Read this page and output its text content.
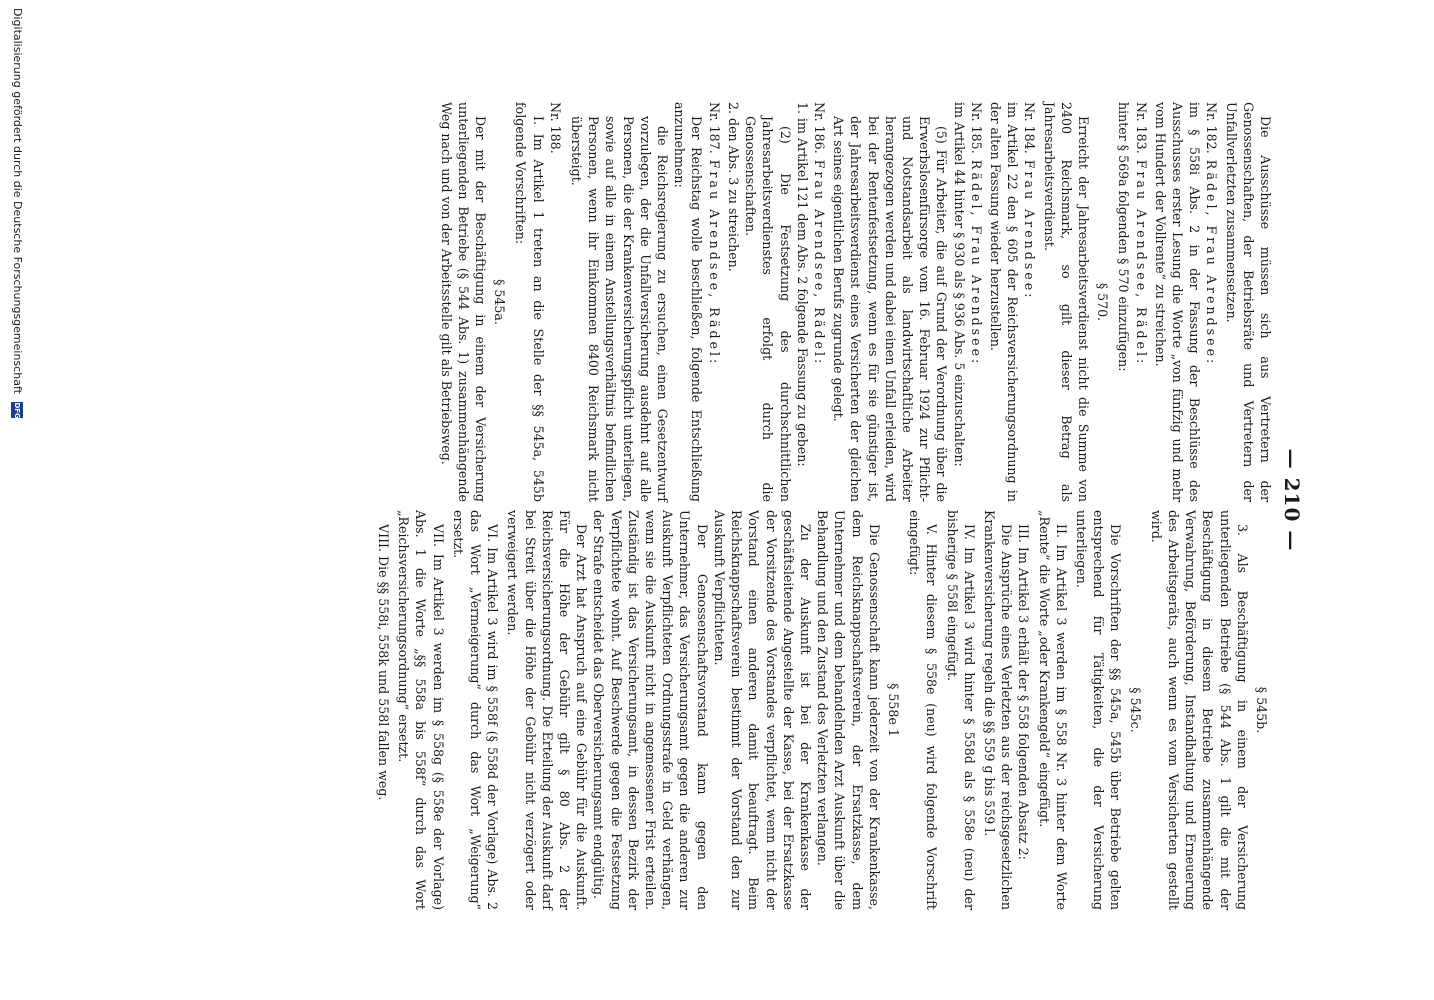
— 210 —

Die Ausschüsse müssen sich aus Vertretern der Genossenschaften, der Betriebsräte und Vertretern der Unfallverletzten zusammensetzen.

Nr. 182.Rädel, Frau Arendsee:

im § 558i Abs. 2 in der Fassung der Beschlüsse des Ausschusses erster Lesung die Worte „von fünfzig und mehr vom Hundert der Vollrente“ zu streichen.

Nr. 183.Frau Arendsee, Rädel:

hinter § 569a folgenden § 570 einzufügen:

§ 570.

Erreicht der Jahresarbeitsverdienst nicht die Summe von 2400 Reichsmark, so gilt dieser Betrag als Jahresarbeitsverdienst.

Nr. 184.Frau Arendsee:

im Artikel 22 den § 605 der Reichsversicherungsordnung in der alten Fassung wieder herzustellen.

Nr. 185.Rädel, Frau Arendsee:

im Artikel 44 hinter § 930 als § 936 Abs. 5 einzuschalten:

(5) Für Arbeiter, die auf Grund der Verordnung über die Erwerbslosenfürsorge vom 16. Februar 1924 zur Pflicht- und Notstandsarbeit als landwirtschaftliche Arbeiter herangezogen werden und dabei einen Unfall erleiden, wird bei der Rentenfestsetzung, wenn es für sie günstiger ist, der Jahresarbeitsverdienst eines Versicherten der gleichen Art seines eigentlichen Berufs zugrunde gelegt.

Nr. 186.Frau Arendsee, Rädel:

1. im Artikel 121 dem Abs. 2 folgende Fassung zu geben:

(2) Die Festsetzung des durchschnittlichen Jahresarbeitsverdienstes erfolgt durch die Genossenschaften.

2. den Abs. 3 zu streichen.

Nr. 187.Frau Arendsee, Rädel:

Der Reichstag wolle beschließen, folgende Entschließung anzunehmen:

die Reichsregierung zu ersuchen, einen Gesetzentwurf vorzulegen, der die Unfallversicherung ausdehnt auf alle Personen, die der Krankenversicherungspflicht unterliegen, sowie auf alle in einem Anstellungsverhältnis befindlichen Personen, wenn ihr Einkommen 8400 Reichsmark nicht übersteigt.

Nr. 188.

I. Im Artikel 1 treten an die Stelle der §§ 545a, 545b folgende Vorschriften:

§ 545a.

Der mit der Beschäftigung in einem der Versicherung unterliegenden Betriebe (§ 544 Abs. 1) zusammenhängende Weg nach und von der Arbeitsstelle gilt als Betriebsweg.

§ 545b.

3. Als Beschäftigung in einem der Versicherung unterliegenden Betriebe (§ 544 Abs. 1 gilt die mit der Beschäftigung in diesem Betriebe zusammenhängende Verwahrung, Beförderung, Instandhaltung und Erneuerung des Arbeitsgeräts, auch wenn es vom Versicherten gestellt wird.

§ 545c.

Die Vorschriften der §§ 545a, 545b über Betriebe gelten entsprechend für Tätigkeiten, die der Versicherung unterliegen.

II. Im Artikel 3 werden im § 558 Nr. 3 hinter dem Worte „Rente“ die Worte „oder Krankengeld“ eingefügt.

III. Im Artikel 3 erhält der § 558 folgenden Absatz 2:

Die Ansprüche eines Verletzten aus der reichsgesetzlichen Krankenversicherung regeln die §§ 559 g bis 559 l.

IV. Im Artikel 3 wird hinter § 558d als § 558e (neu) der bisherige § 558l eingefügt.

V. Hinter diesem § 558e (neu) wird folgende Vorschrift eingefügt:

§ 558e 1

Die Genossenschaft kann jederzeit von der Krankenkasse, dem Reichsknappschaftsverein, der Ersatzkasse, dem Unternehmer und dem behandelnden Arzt Auskunft über die Behandlung und den Zustand des Verletzten verlangen.

Zu der Auskunft ist bei der Krankenkasse der geschäftsleitende Angestellte der Kasse, bei der Ersatzkasse der Vorsitzende des Vorstandes verpflichtet, wenn nicht der Vorstand einen anderen damit beauftragt. Beim Reichsknappschaftsverein bestimmt der Vorstand den zur Auskunft Verpflichteten.

Der Genossenschaftsvorstand kann gegen den Unternehmer, das Versicherungsamt gegen die anderen zur Auskunft Verpflichteten Ordnungsstrafe in Geld verhängen, wenn sie die Auskunft nicht in angemessener Frist erteilen. Zuständig ist das Versicherungsamt, in dessen Bezirk der Verpflichtete wohnt. Auf Beschwerde gegen die Festsetzung der Strafe entscheidet das Oberversicherungsamt endgültig.

Der Arzt hat Anspruch auf eine Gebühr für die Auskunft. Für die Höhe der Gebühr gilt § 80 Abs. 2 der Reichsversicherungsordnung. Die Erteilung der Auskunft darf bei Streit über die Höhe der Gebühr nicht verzögert oder verweigert werden.

VI. Im Artikel 3 wird im § 558f (§ 558d der Vorlage) Abs. 2 das Wort „Vermeigerung“ durch das Wort „Weigerung“ ersetzt.

VII. Im Artikel 3 werden im § 558g (§ 558e der Vorlage) Abs. 1 die Worte „§§ 558a bis 558f“ durch das Wort „Reichsversicherungsordnung“ ersetzt.

VIII. Die §§ 558i, 558k und 558l fallen weg.

Digitalisierung gefördert durch die Deutsche Forschungsgemeinschaft DFG
